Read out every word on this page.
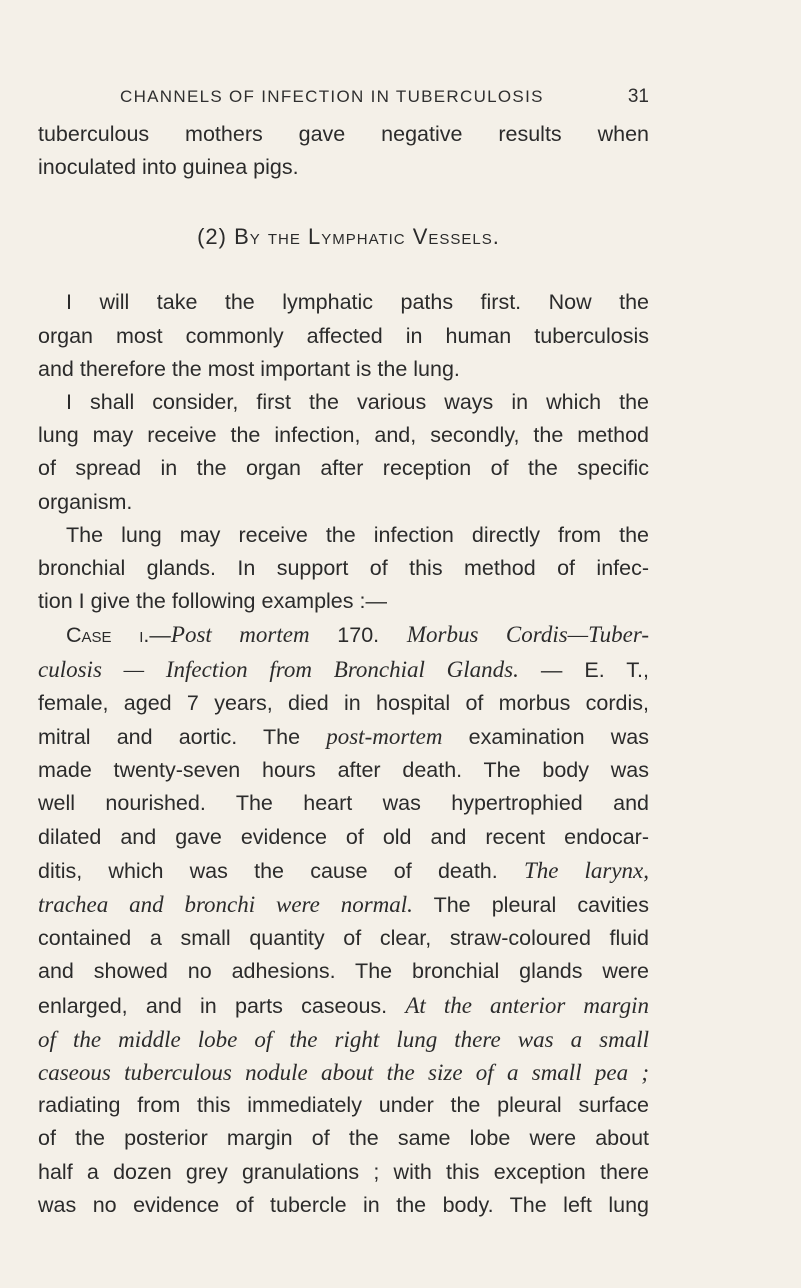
CHANNELS OF INFECTION IN TUBERCULOSIS	31
tuberculous mothers gave negative results when
inoculated into guinea pigs.
(2) By the Lymphatic Vessels.
I will take the lymphatic paths first. Now the
organ most commonly affected in human tuberculosis
and therefore the most important is the lung.
I shall consider, first the various ways in which the
lung may receive the infection, and, secondly, the method
of spread in the organ after reception of the specific
organism.
The lung may receive the infection directly from the
bronchial glands. In support of this method of infec-
tion I give the following examples :—
Case i.—Post mortem 170. Morbus Cordis—Tuber-
culosis — Infection from Bronchial Glands. — E. T.,
female, aged 7 years, died in hospital of morbus cordis,
mitral and aortic. The post-mortem examination was
made twenty-seven hours after death. The body was
well nourished. The heart was hypertrophied and
dilated and gave evidence of old and recent endocar-
ditis, which was the cause of death. The larynx,
trachea and bronchi were normal. The pleural cavities
contained a small quantity of clear, straw-coloured fluid
and showed no adhesions. The bronchial glands were
enlarged, and in parts caseous. At the anterior margin
of the middle lobe of the right lung there was a small
caseous tuberculous nodule about the size of a small pea ;
radiating from this immediately under the pleural surface
of the posterior margin of the same lobe were about
half a dozen grey granulations ; with this exception there
was no evidence of tubercle in the body. The left lung
